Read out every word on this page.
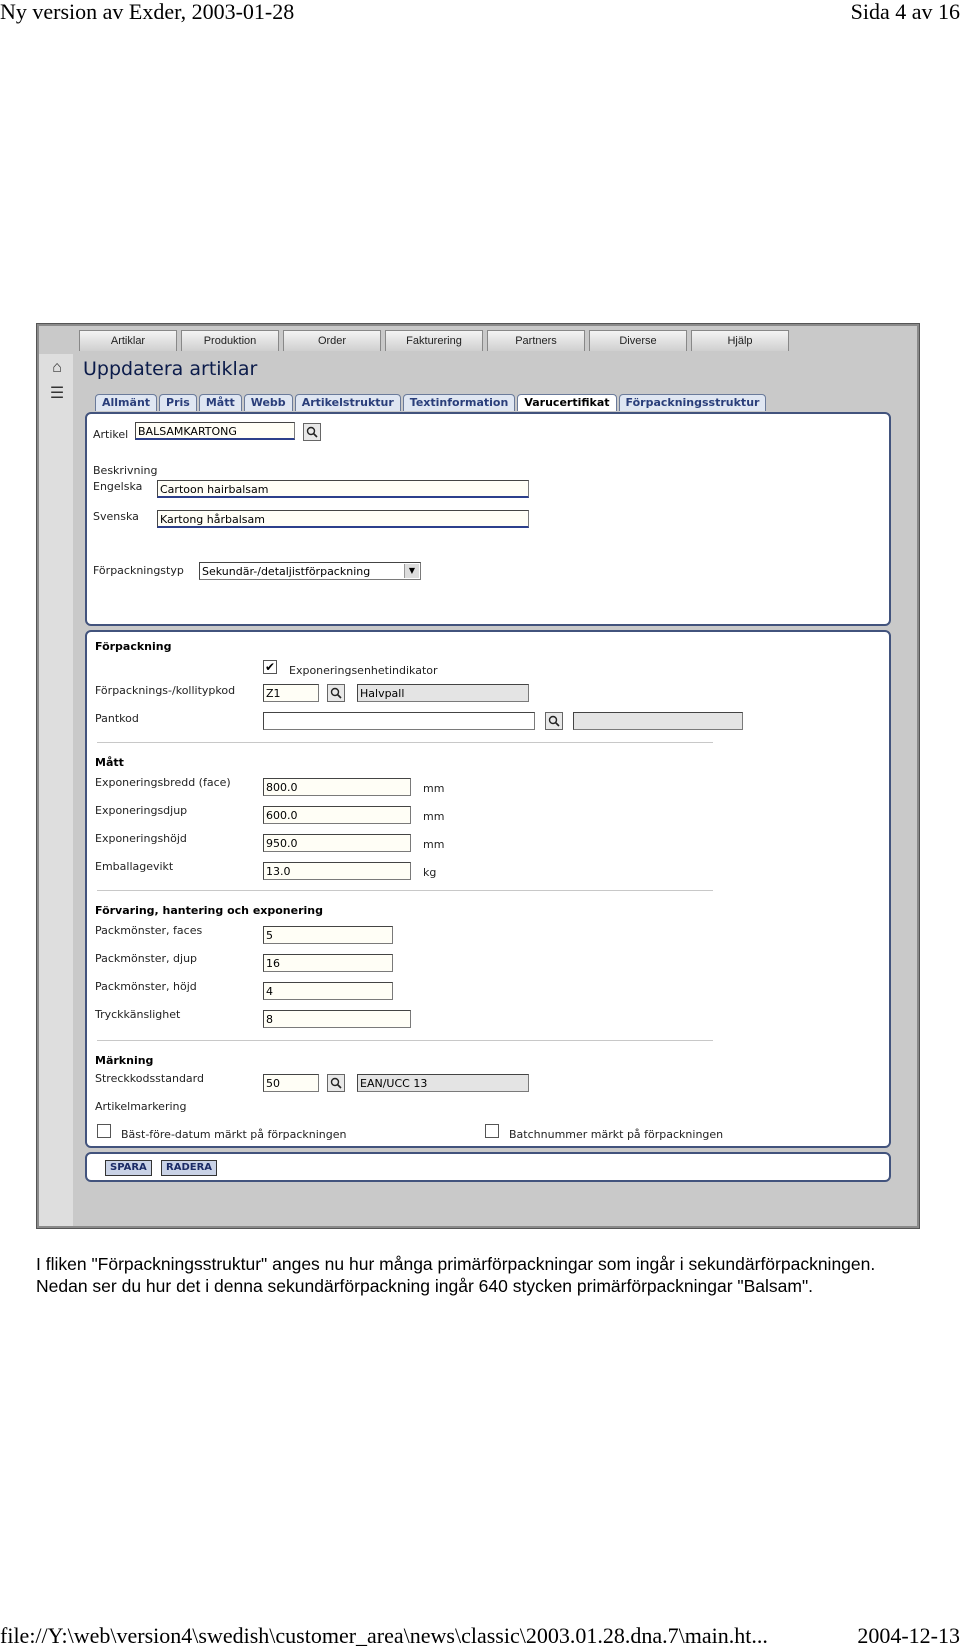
Ny version av Exder, 2003-01-28	Sida 4 av 16
Artiklar	Produktion	Order	Fakturering	Partners	Diverse	Hjälp
⌂
☰
Uppdatera artiklar
Allmänt	Pris	Mått	Webb	Artikelstruktur	Textinformation	Varucertifikat	Förpackningsstruktur
Artikel BALSAMKARTONG
Beskrivning
Engelska Cartoon hairbalsam
Svenska Kartong hårbalsam
Förpackningstyp Sekundär-/detaljistförpackning	▼
Förpackning
✔ Exponeringsenhetindikator
Förpacknings-/kollitypkod	Z1	Halvpall
Pantkod
Mått
Exponeringsbredd (face)	800.0	mm
Exponeringsdjup	600.0	mm
Exponeringshöjd	950.0	mm
Emballagevikt	13.0	kg
Förvaring, hantering och exponering
Packmönster, faces	5
Packmönster, djup	16
Packmönster, höjd	4
Tryckkänslighet	8
Märkning
Streckkodsstandard	50	EAN/UCC 13
Artikelmarkering
Bäst-före-datum märkt på förpackningen	Batchnummer märkt på förpackningen
SPARA	RADERA
I fliken "Förpackningsstruktur" anges nu hur många primärförpackningar som ingår i sekundärförpackningen. Nedan ser du hur det i denna sekundärförpackning ingår 640 stycken primärförpackningar "Balsam".
file://Y:\web\version4\swedish\customer_area\news\classic\2003.01.28.dna.7\main.ht...	2004-12-13
